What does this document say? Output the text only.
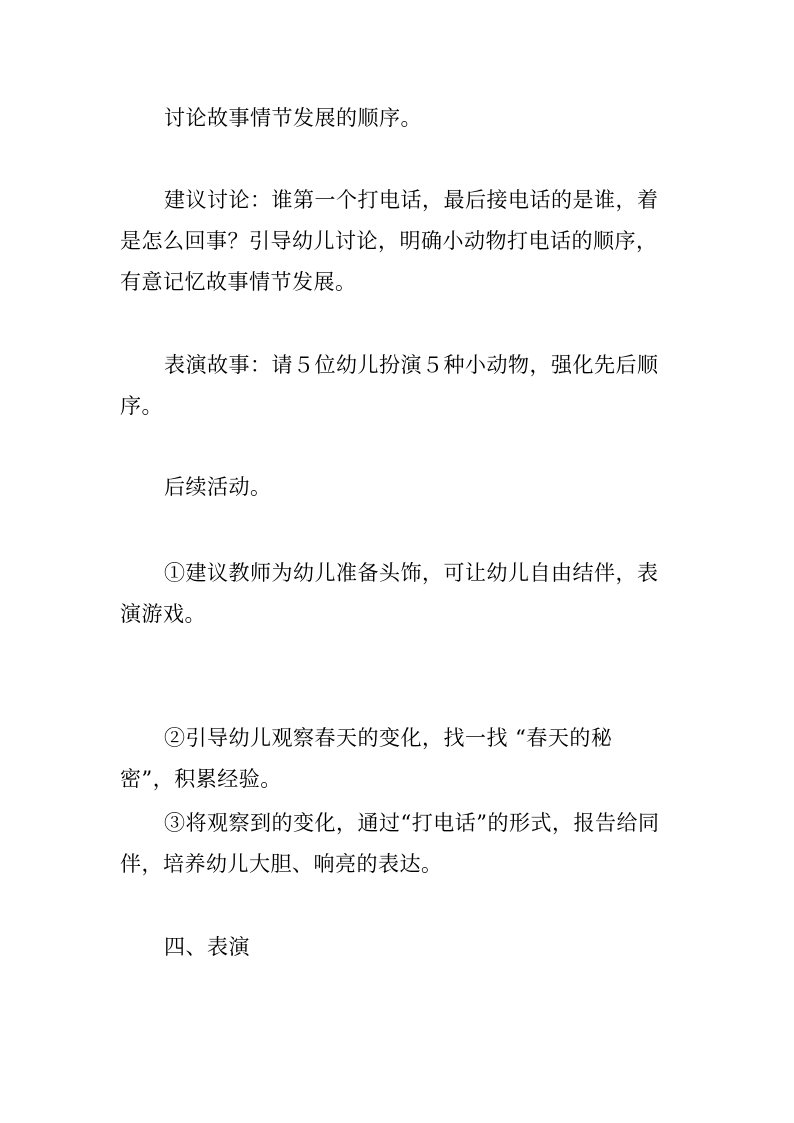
讨论故事情节发展的顺序。

建议讨论：谁第一个打电话，最后接电话的是谁，着是怎么回事？引导幼儿讨论，明确小动物打电话的顺序，有意记忆故事情节发展。

表演故事：请５位幼儿扮演５种小动物，强化先后顺序。

后续活动。

①建议教师为幼儿准备头饰，可让幼儿自由结伴，表演游戏。

②引导幼儿观察春天的变化，找一找 “春天的秘密”，积累经验。

③将观察到的变化，通过“打电话”的形式，报告给同伴，培养幼儿大胆、响亮的表达。

四、表演
